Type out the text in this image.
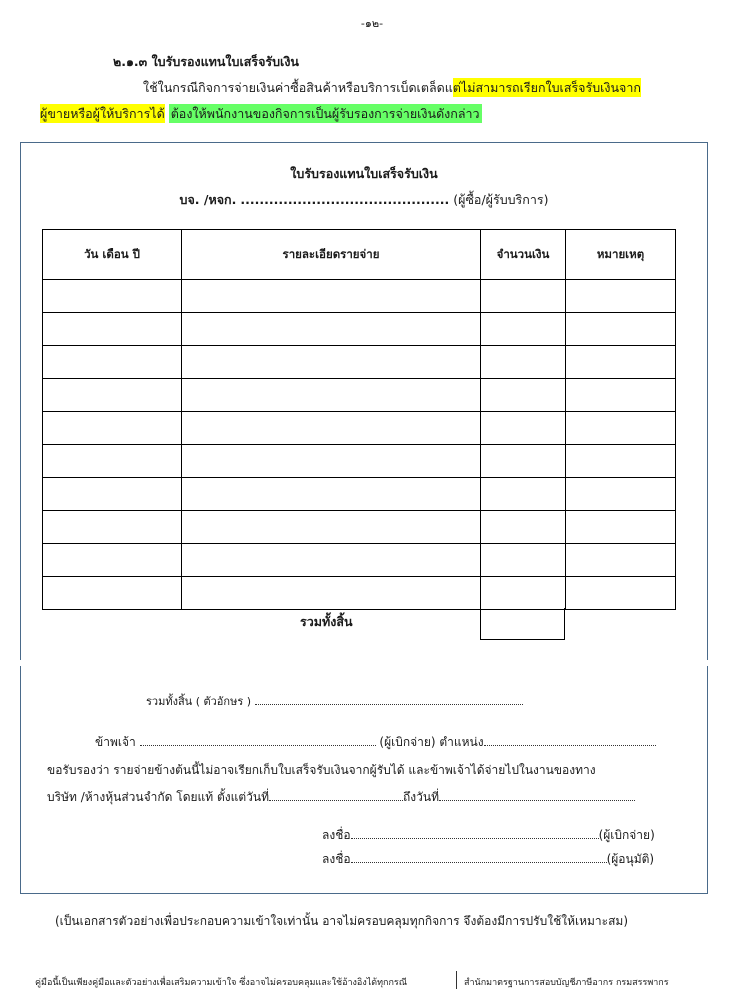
-๑๒-
๒.๑.๓ ใบรับรองแทนใบเสร็จรับเงิน
ใช้ในกรณีกิจการจ่ายเงินค่าซื้อสินค้าหรือบริการเบ็ดเตล็ดแต่ไม่สามารถเรียกใบเสร็จรับเงินจาก
ผู้ขายหรือผู้ให้บริการได้ ต้องให้พนักงานของกิจการเป็นผู้รับรองการจ่ายเงินดังกล่าว
ใบรับรองแทนใบเสร็จรับเงิน
บจ. /หจก. ............................................ (ผู้ซื้อ/ผู้รับบริการ)
วัน เดือน ปี	รายละเอียดรายจ่าย	จำนวนเงิน	หมายเหตุ

รวมทั้งสิ้น
รวมทั้งสิ้น ( ตัวอักษร )
ข้าพเจ้า	(ผู้เบิกจ่าย) ตำแหน่ง
ขอรับรองว่า รายจ่ายข้างต้นนี้ไม่อาจเรียกเก็บใบเสร็จรับเงินจากผู้รับได้ และข้าพเจ้าได้จ่ายไปในงานของทาง
บริษัท /ห้างหุ้นส่วนจำกัด โดยแท้ ตั้งแต่วันที่	ถึงวันที่
ลงชื่อ	(ผู้เบิกจ่าย)
ลงชื่อ	(ผู้อนุมัติ)
(เป็นเอกสารตัวอย่างเพื่อประกอบความเข้าใจเท่านั้น อาจไม่ครอบคลุมทุกกิจการ จึงต้องมีการปรับใช้ให้เหมาะสม)
คู่มือนี้เป็นเพียงคู่มือและตัวอย่างเพื่อเสริมความเข้าใจ ซึ่งอาจไม่ครอบคลุมและใช้อ้างอิงได้ทุกกรณี	สำนักมาตรฐานการสอบบัญชีภาษีอากร กรมสรรพากร
